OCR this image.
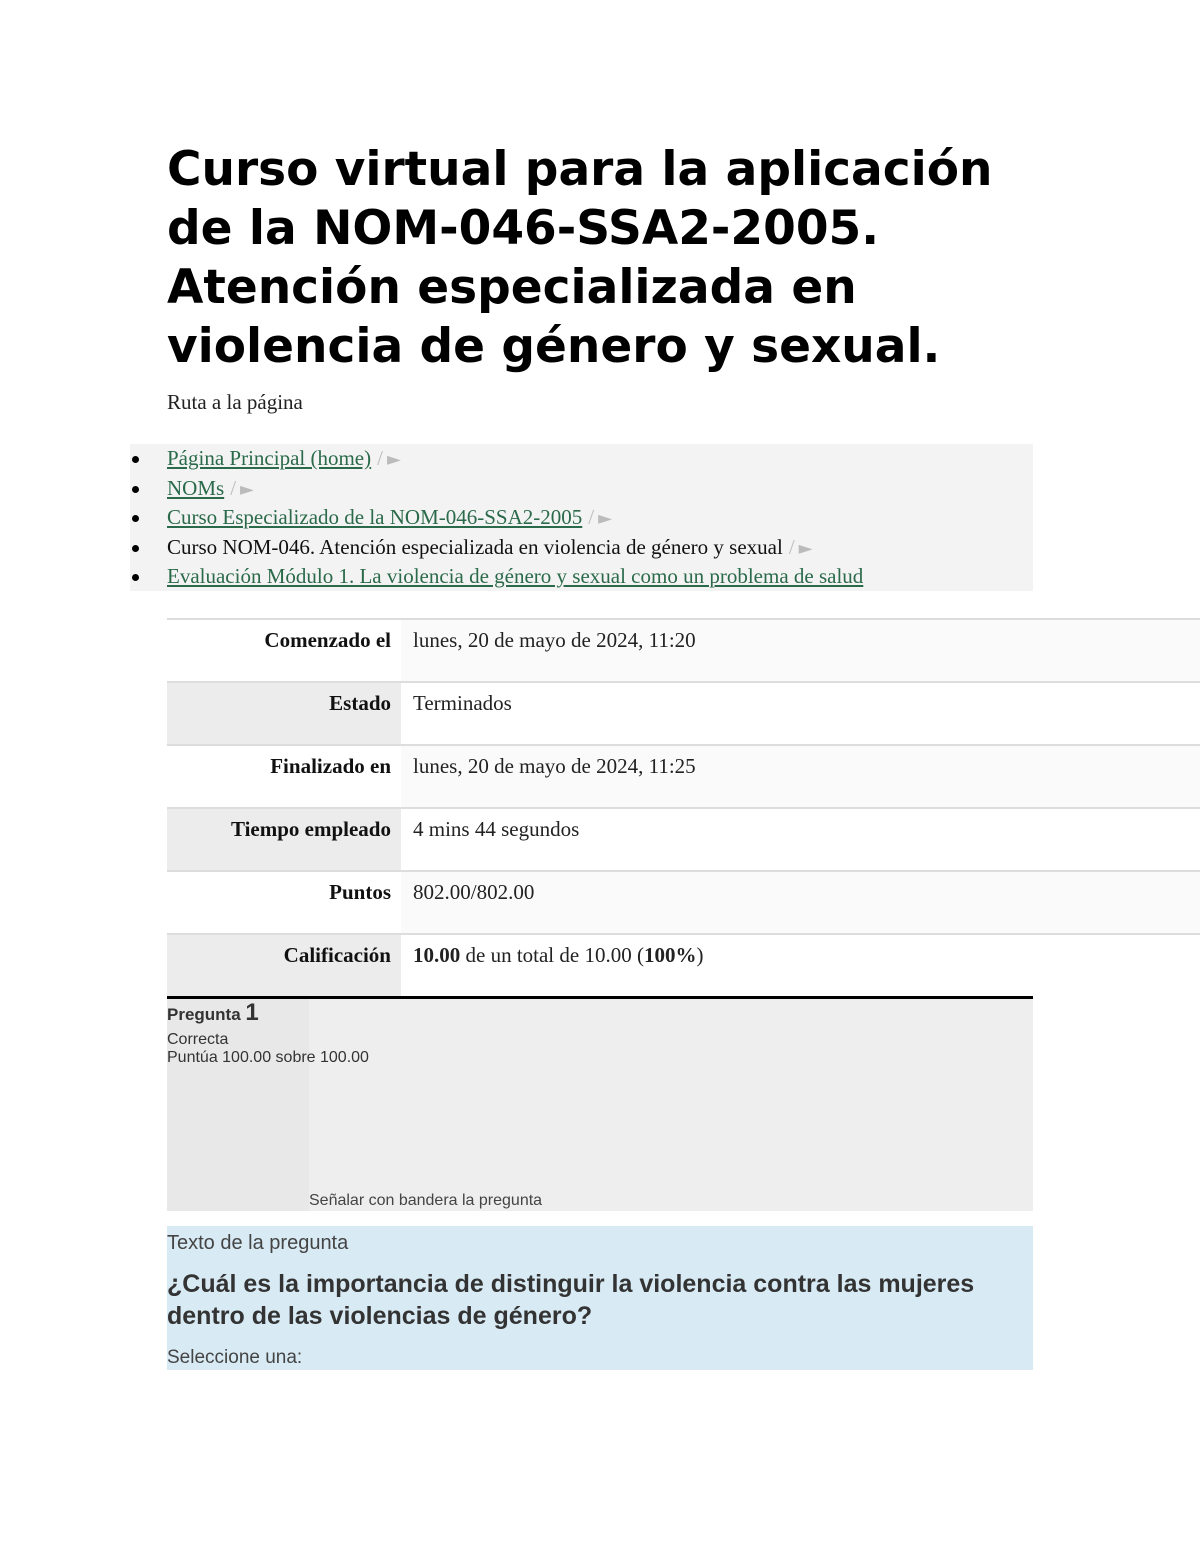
Curso virtual para la aplicación de la NOM-046-SSA2-2005. Atención especializada en violencia de género y sexual.
Ruta a la página
Página Principal (home) / ►
NOMs / ►
Curso Especializado de la NOM-046-SSA2-2005 / ►
Curso NOM-046. Atención especializada en violencia de género y sexual / ►
Evaluación Módulo 1. La violencia de género y sexual como un problema de salud
Comenzado el	lunes, 20 de mayo de 2024, 11:20
Estado	Terminados
Finalizado en	lunes, 20 de mayo de 2024, 11:25
Tiempo empleado	4 mins 44 segundos
Puntos	802.00/802.00
Calificación	10.00 de un total de 10.00 (100%)
Pregunta 1
Correcta
Puntúa 100.00 sobre 100.00
Señalar con bandera la pregunta
Texto de la pregunta
¿Cuál es la importancia de distinguir la violencia contra las mujeres dentro de las violencias de género?
Seleccione una:
